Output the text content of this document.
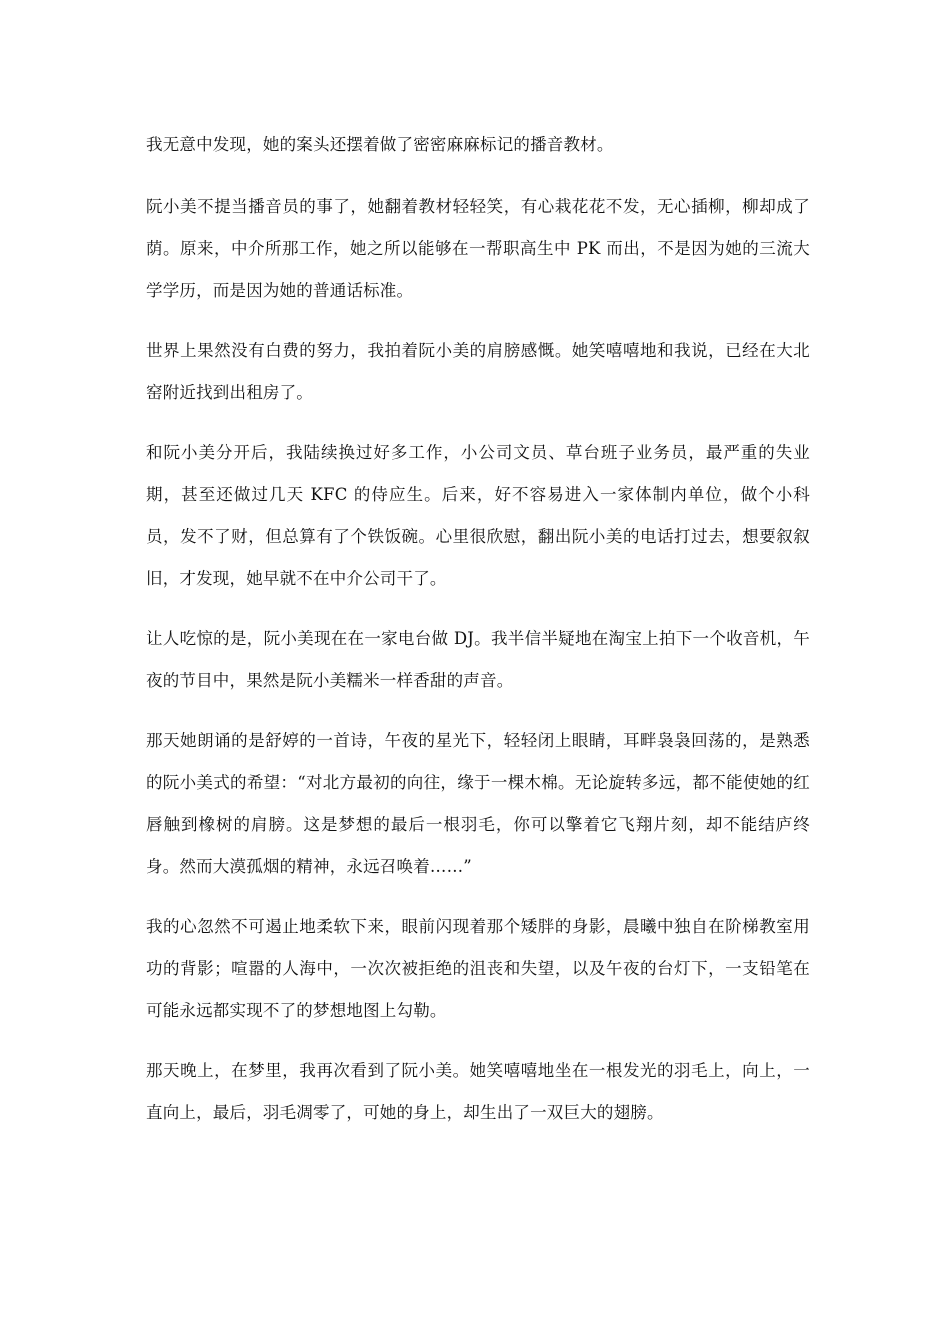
我无意中发现，她的案头还摆着做了密密麻麻标记的播音教材。

阮小美不提当播音员的事了，她翻着教材轻轻笑，有心栽花花不发，无心插柳，柳却成了荫。原来，中介所那工作，她之所以能够在一帮职高生中 PK 而出，不是因为她的三流大学学历，而是因为她的普通话标准。

世界上果然没有白费的努力，我拍着阮小美的肩膀感慨。她笑嘻嘻地和我说，已经在大北窑附近找到出租房了。

和阮小美分开后，我陆续换过好多工作，小公司文员、草台班子业务员，最严重的失业期，甚至还做过几天 KFC 的侍应生。后来，好不容易进入一家体制内单位，做个小科员，发不了财，但总算有了个铁饭碗。心里很欣慰，翻出阮小美的电话打过去，想要叙叙旧，才发现，她早就不在中介公司干了。

让人吃惊的是，阮小美现在在一家电台做 DJ。我半信半疑地在淘宝上拍下一个收音机，午夜的节目中，果然是阮小美糯米一样香甜的声音。

那天她朗诵的是舒婷的一首诗，午夜的星光下，轻轻闭上眼睛，耳畔袅袅回荡的，是熟悉的阮小美式的希望：“对北方最初的向往，缘于一棵木棉。无论旋转多远，都不能使她的红唇触到橡树的肩膀。这是梦想的最后一根羽毛，你可以擎着它飞翔片刻，却不能结庐终身。然而大漠孤烟的精神，永远召唤着……”

我的心忽然不可遏止地柔软下来，眼前闪现着那个矮胖的身影，晨曦中独自在阶梯教室用功的背影；喧嚣的人海中，一次次被拒绝的沮丧和失望，以及午夜的台灯下，一支铅笔在可能永远都实现不了的梦想地图上勾勒。

那天晚上，在梦里，我再次看到了阮小美。她笑嘻嘻地坐在一根发光的羽毛上，向上，一直向上，最后，羽毛凋零了，可她的身上，却生出了一双巨大的翅膀。
